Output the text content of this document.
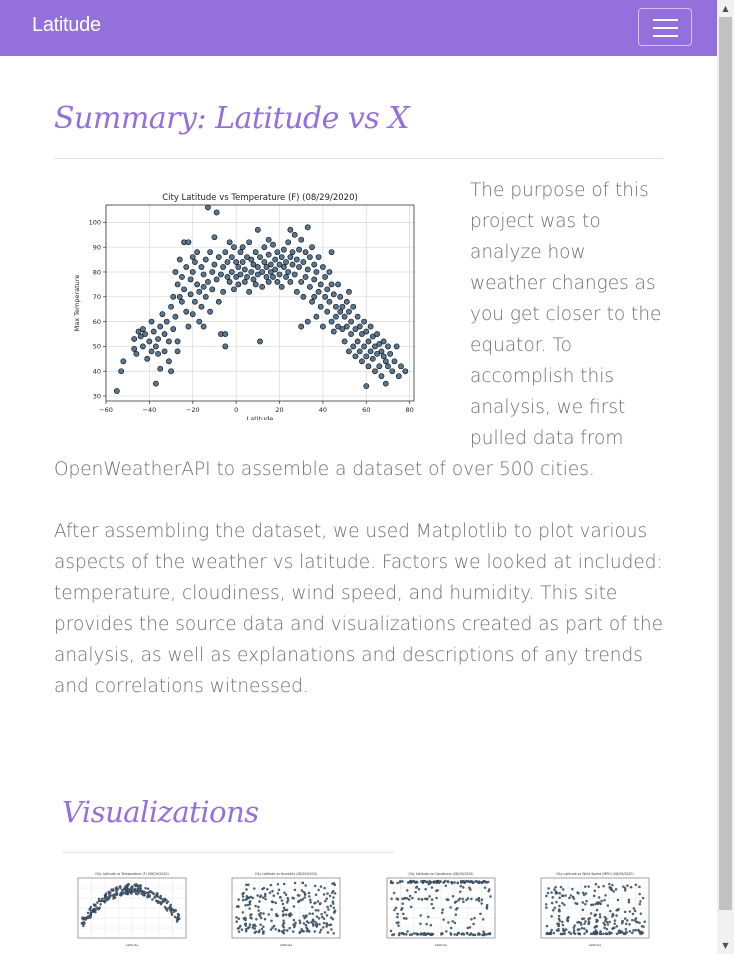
Latitude
▲
▼
Summary: Latitude vs X
The purpose of this project was to analyze how weather changes as you get closer to the equator. To accomplish this analysis, we first pulled data from OpenWeatherAPI to assemble a dataset of over 500 cities.

After assembling the dataset, we used Matplotlib to plot various aspects of the weather vs latitude. Factors we looked at included: temperature, cloudiness, wind speed, and humidity. This site provides the source data and visualizations created as part of the analysis, as well as explanations and descriptions of any trends and correlations witnessed.

City Latitude vs Temperature (F) (08/29/2020)
−60	−40	−20	0	20	40	60	80
30
40
50
60
70
80
90
100
Latitude
Max Temperature
Visualizations
City Latitude vs Temperature (F) (08/29/2020)
Latitude
City Latitude vs Humidity (08/29/2020)
Latitude
City Latitude vs Cloudiness (08/29/2020)
Latitude
City Latitude vs Wind Speed (MPH) (08/29/2020)
Latitude
